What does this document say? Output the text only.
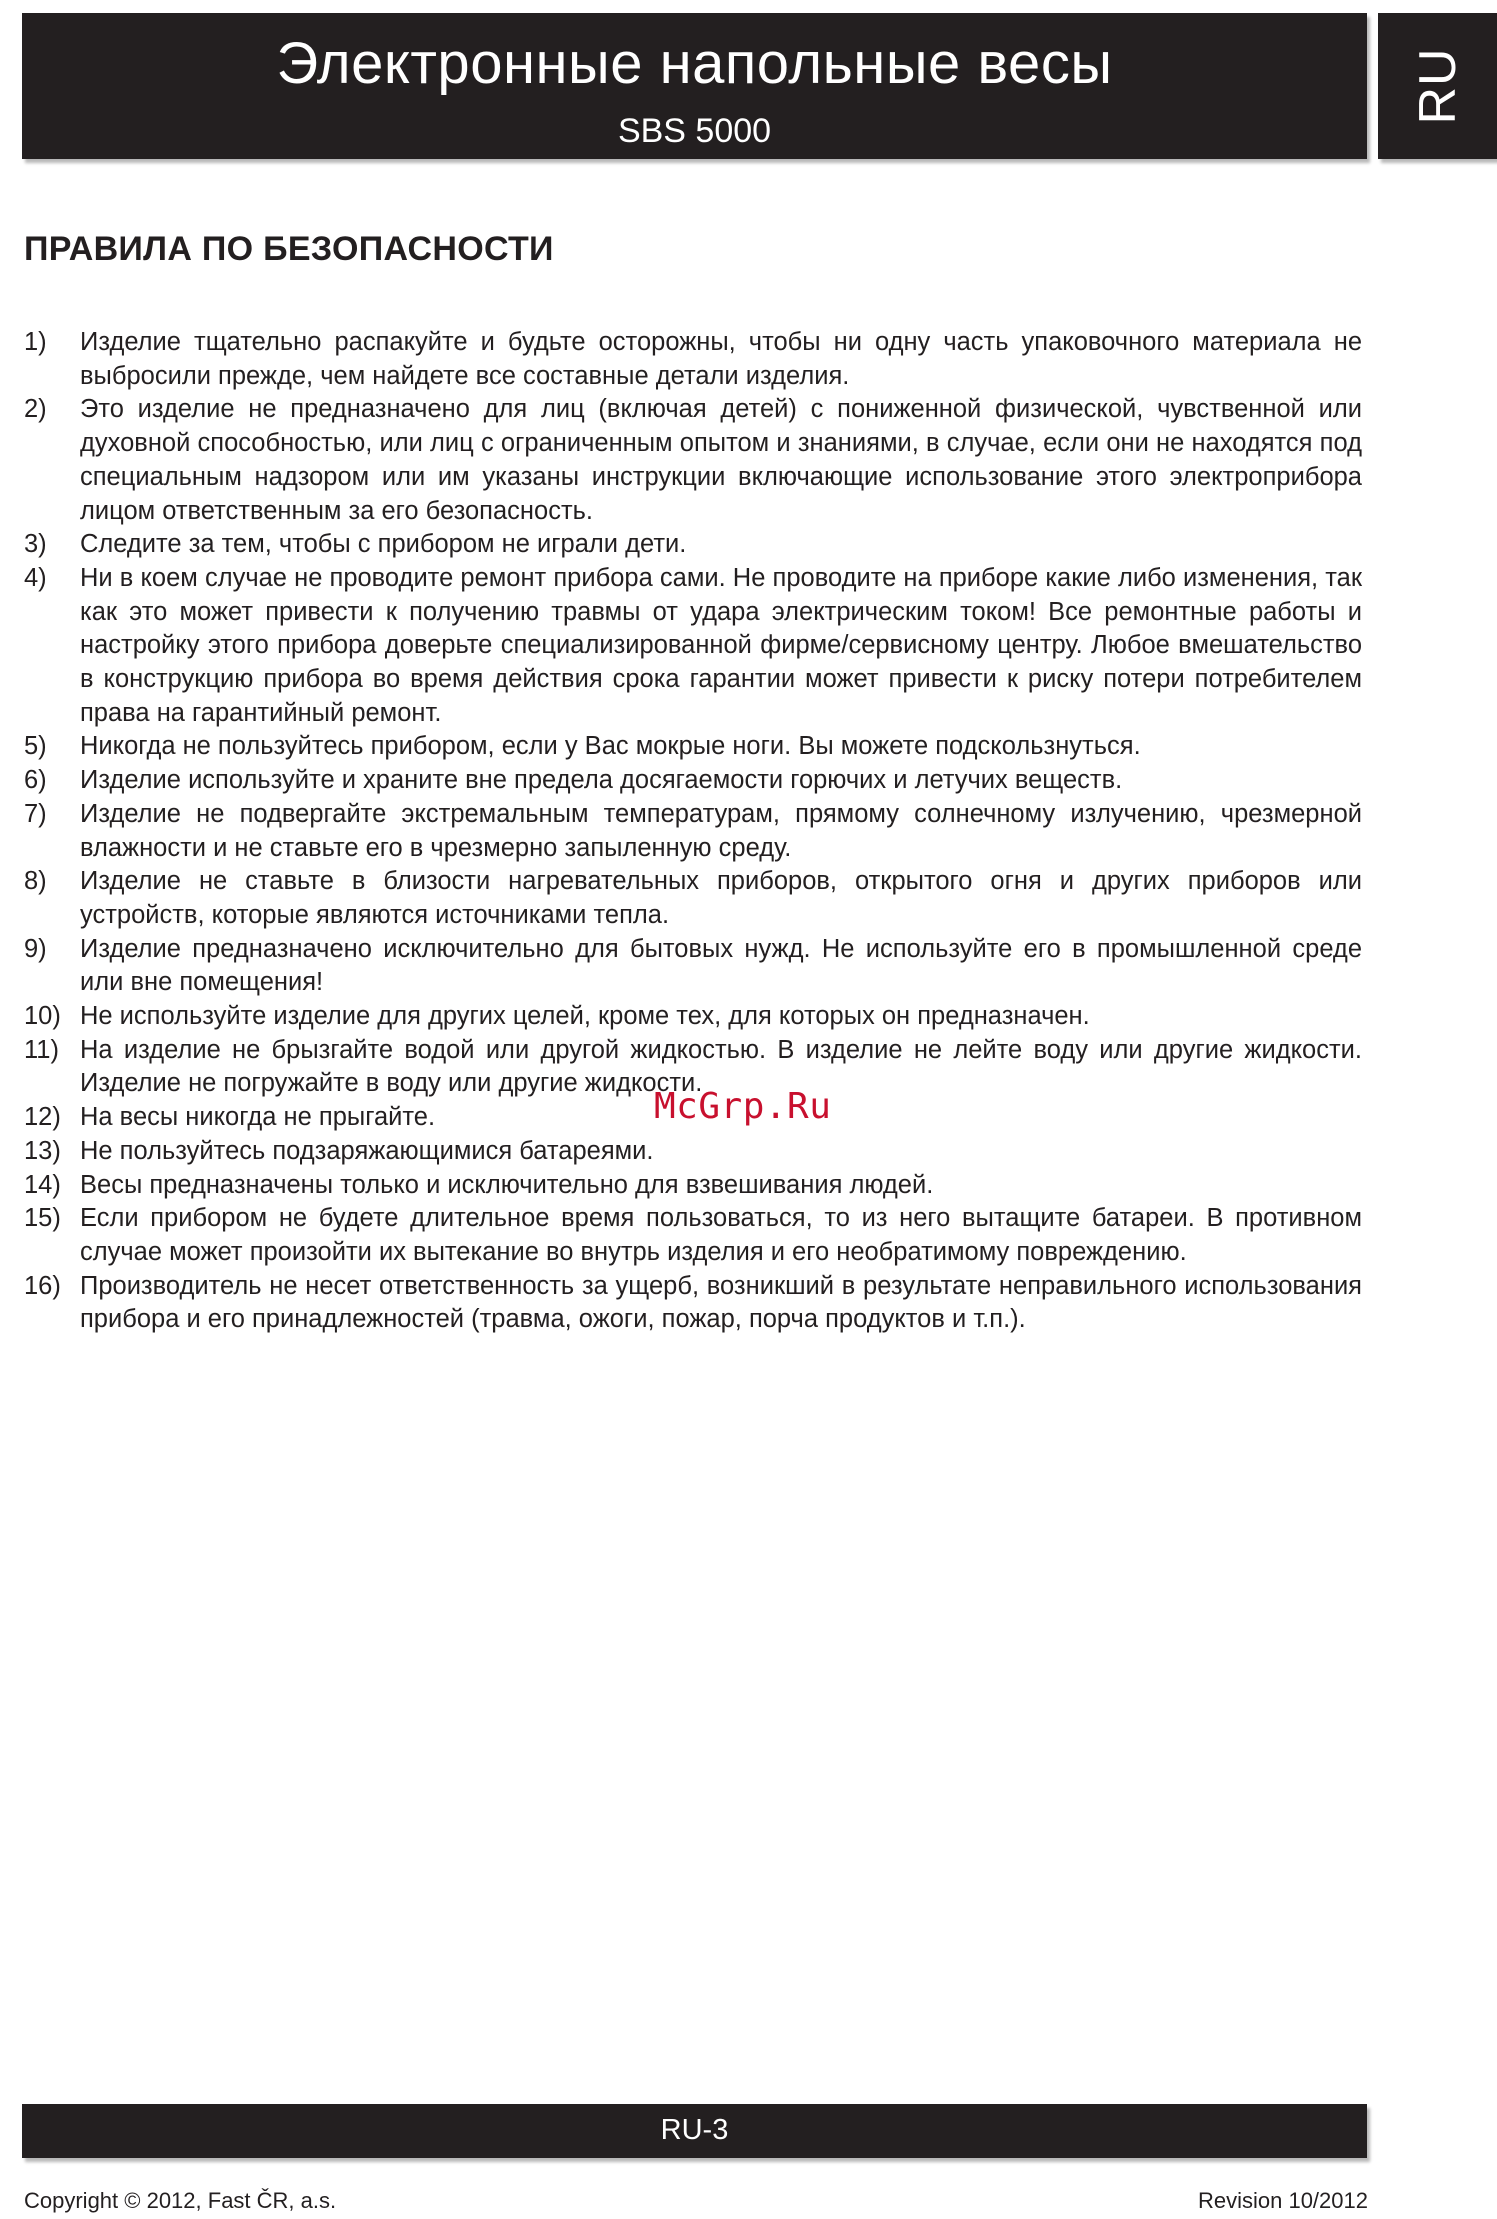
Электронные напольные весы
SBS 5000
RU
ПРАВИЛА ПО БЕЗОПАСНОСТИ
1)	Изделие тщательно распакуйте и будьте осторожны, чтобы ни одну часть упаковочного материала не выбросили прежде, чем найдете все составные детали изделия.
2)	Это изделие не предназначено для лиц (включая детей) с пониженной физической, чувственной или духовной способностью, или лиц с ограниченным опытом и знаниями, в случае, если они не находятся под специальным надзором или им указаны инструкции включающие использование этого электроприбора лицом ответственным за его безопасность.
3)	Следите за тем, чтобы с прибором не играли дети.
4)	Ни в коем случае не проводите ремонт прибора сами. Не проводите на приборе какие либо изменения, так как это может привести к получению травмы от удара электрическим током! Все ремонтные работы и настройку этого прибора доверьте специализированной фирме/сервисному центру. Любое вмешательство в конструкцию прибора во время действия срока гарантии может привести к риску потери потребителем права на гарантийный ремонт.
5)	Никогда не пользуйтесь прибором, если у Вас мокрые ноги. Вы можете подскользнуться.
6)	Изделие используйте и храните вне предела досягаемости горючих и летучих веществ.
7)	Изделие не подвергайте экстремальным температурам, прямому солнечному излучению, чрезмерной влажности и не ставьте его в чрезмерно запыленную среду.
8)	Изделие не ставьте в близости нагревательных приборов, открытого огня и других приборов или устройств, которые являются источниками тепла.
9)	Изделие предназначено исключительно для бытовых нужд. Не используйте его в промышленной среде или вне помещения!
10) Не используйте изделие для других целей, кроме тех, для которых он предназначен.
11) На изделие не брызгайте водой или другой жидкостью. В изделие не лейте воду или другие жидкости. Изделие не погружайте в воду или другие жидкости.
12) На весы никогда не прыгайте.
13) Не пользуйтесь подзаряжающимися батареями.
14) Весы предназначены только и исключительно для взвешивания людей.
15) Если прибором не будете длительное время пользоваться, то из него вытащите батареи. В противном случае может произойти их вытекание во внутрь изделия и его необратимому повреждению.
16) Производитель не несет ответственность за ущерб, возникший в результате неправильного использования прибора и его принадлежностей (травма, ожоги, пожар, порча продуктов и т.п.).
McGrp.Ru
RU-3
Copyright © 2012, Fast ČR, a.s.	Revision 10/2012
